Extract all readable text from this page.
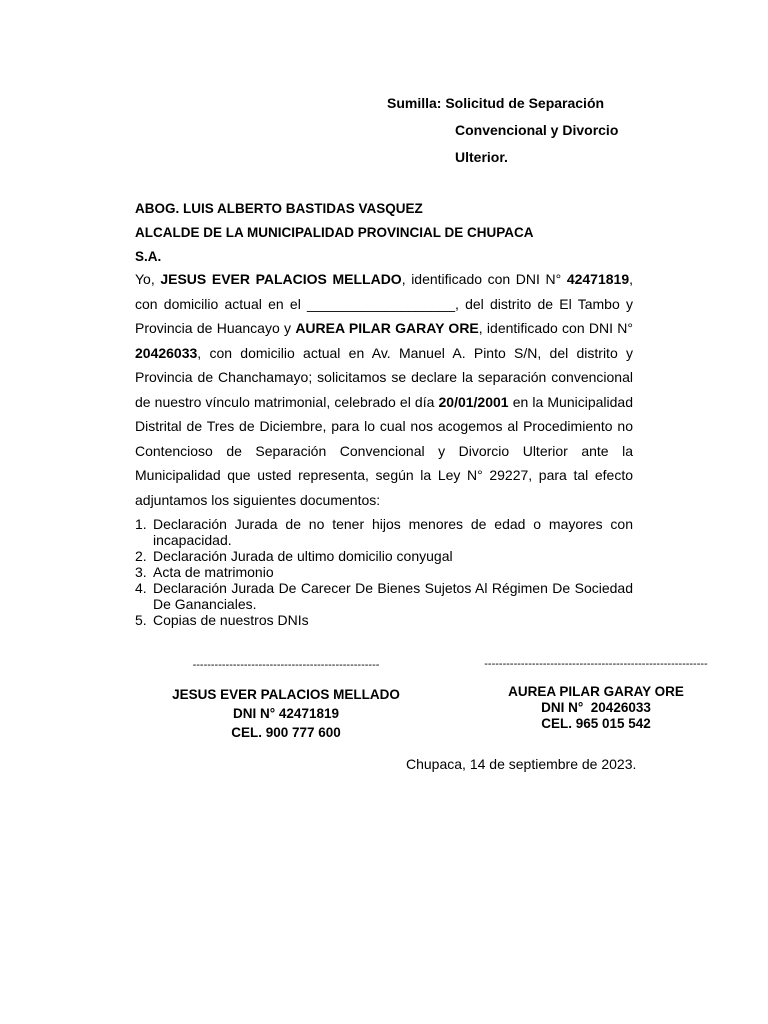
Sumilla: Solicitud de Separación
Convencional y Divorcio
Ulterior.
ABOG. LUIS ALBERTO BASTIDAS VASQUEZ
ALCALDE DE LA MUNICIPALIDAD PROVINCIAL DE CHUPACA
S.A.
Yo, JESUS EVER PALACIOS MELLADO, identificado con DNI N° 42471819, con domicilio actual en el ___________________, del distrito de El Tambo y Provincia de Huancayo y AUREA PILAR GARAY ORE, identificado con DNI N° 20426033, con domicilio actual en Av. Manuel A. Pinto S/N, del distrito y Provincia de Chanchamayo; solicitamos se declare la separación convencional de nuestro vínculo matrimonial, celebrado el día 20/01/2001 en la Municipalidad Distrital de Tres de Diciembre, para lo cual nos acogemos al Procedimiento no Contencioso de Separación Convencional y Divorcio Ulterior ante la Municipalidad que usted representa, según la Ley N° 29227, para tal efecto adjuntamos los siguientes documentos:
1. Declaración Jurada de no tener hijos menores de edad o mayores con incapacidad.
2. Declaración Jurada de ultimo domicilio conyugal
3. Acta de matrimonio
4. Declaración Jurada De Carecer De Bienes Sujetos Al Régimen De Sociedad De Gananciales.
5. Copias de nuestros DNIs
---------------------------------------------------
JESUS EVER PALACIOS MELLADO
DNI N° 42471819
CEL. 900 777 600
-------------------------------------------------------------
AUREA PILAR GARAY ORE
DNI N°  20426033
CEL. 965 015 542
Chupaca, 14 de septiembre de 2023.
